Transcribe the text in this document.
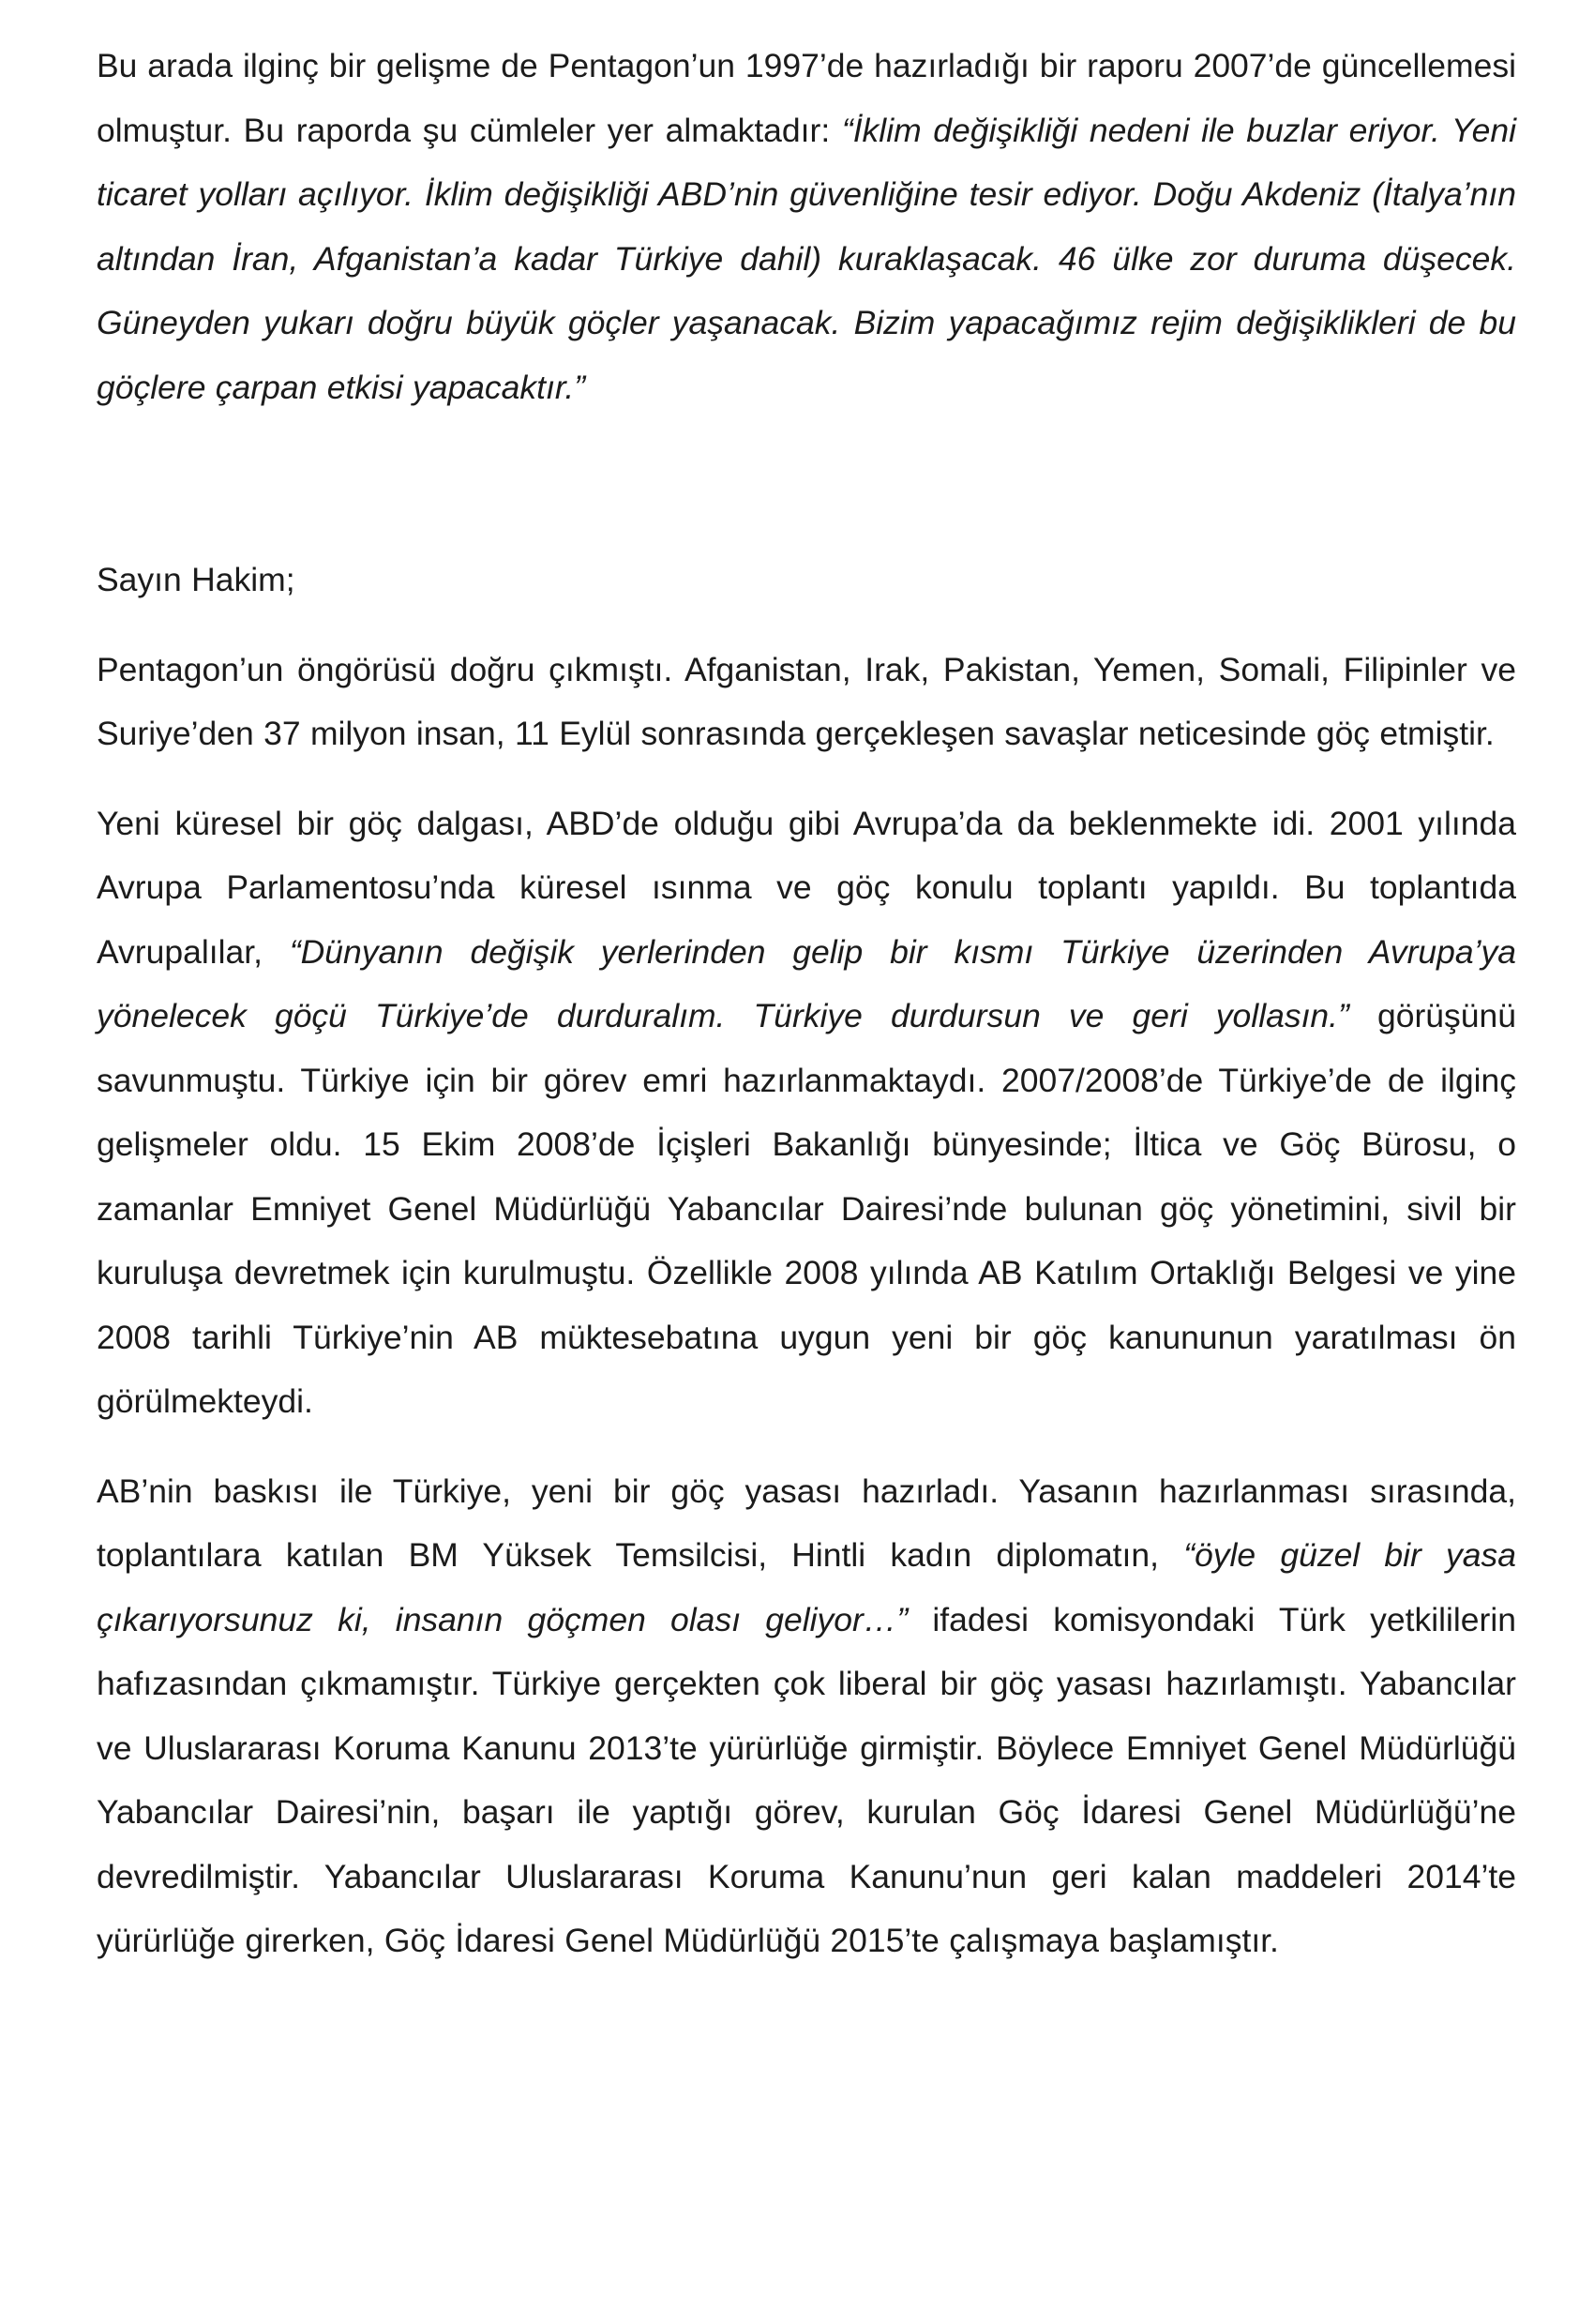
Bu arada ilginç bir gelişme de Pentagon’un 1997’de hazırladığı bir raporu 2007’de güncellemesi olmuştur. Bu raporda şu cümleler yer almaktadır: “İklim değişikliği nedeni ile buzlar eriyor. Yeni ticaret yolları açılıyor. İklim değişikliği ABD’nin güvenliğine tesir ediyor. Doğu Akdeniz (İtalya’nın altından İran, Afganistan’a kadar Türkiye dahil) kuraklaşacak. 46 ülke zor duruma düşecek. Güneyden yukarı doğru büyük göçler yaşanacak. Bizim yapacağımız rejim değişiklikleri de bu göçlere çarpan etkisi yapacaktır.”

Sayın Hakim;

Pentagon’un öngörüsü doğru çıkmıştı. Afganistan, Irak, Pakistan, Yemen, Somali, Filipinler ve Suriye’den 37 milyon insan, 11 Eylül sonrasında gerçekleşen savaşlar neticesinde göç etmiştir.

Yeni küresel bir göç dalgası, ABD’de olduğu gibi Avrupa’da da beklenmekte idi. 2001 yılında Avrupa Parlamentosu’nda küresel ısınma ve göç konulu toplantı yapıldı. Bu toplantıda Avrupalılar, “Dünyanın değişik yerlerinden gelip bir kısmı Türkiye üzerinden Avrupa’ya yönelecek göçü Türkiye’de durduralım. Türkiye durdursun ve geri yollasın.” görüşünü savunmuştu. Türkiye için bir görev emri hazırlanmaktaydı. 2007/2008’de Türkiye’de de ilginç gelişmeler oldu. 15 Ekim 2008’de İçişleri Bakanlığı bünyesinde; İltica ve Göç Bürosu, o zamanlar Emniyet Genel Müdürlüğü Yabancılar Dairesi’nde bulunan göç yönetimini, sivil bir kuruluşa devretmek için kurulmuştu. Özellikle 2008 yılında AB Katılım Ortaklığı Belgesi ve yine 2008 tarihli Türkiye’nin AB müktesebatına uygun yeni bir göç kanununun yaratılması ön görülmekteydi.

AB’nin baskısı ile Türkiye, yeni bir göç yasası hazırladı. Yasanın hazırlanması sırasında, toplantılara katılan BM Yüksek Temsilcisi, Hintli kadın diplomatın, “öyle güzel bir yasa çıkarıyorsunuz ki, insanın göçmen olası geliyor…” ifadesi komisyondaki Türk yetkililerin hafızasından çıkmamıştır. Türkiye gerçekten çok liberal bir göç yasası hazırlamıştı. Yabancılar ve Uluslararası Koruma Kanunu 2013’te yürürlüğe girmiştir. Böylece Emniyet Genel Müdürlüğü Yabancılar Dairesi’nin, başarı ile yaptığı görev, kurulan Göç İdaresi Genel Müdürlüğü’ne devredilmiştir. Yabancılar Uluslararası Koruma Kanunu’nun geri kalan maddeleri 2014’te yürürlüğe girerken, Göç İdaresi Genel Müdürlüğü 2015’te çalışmaya başlamıştır.
